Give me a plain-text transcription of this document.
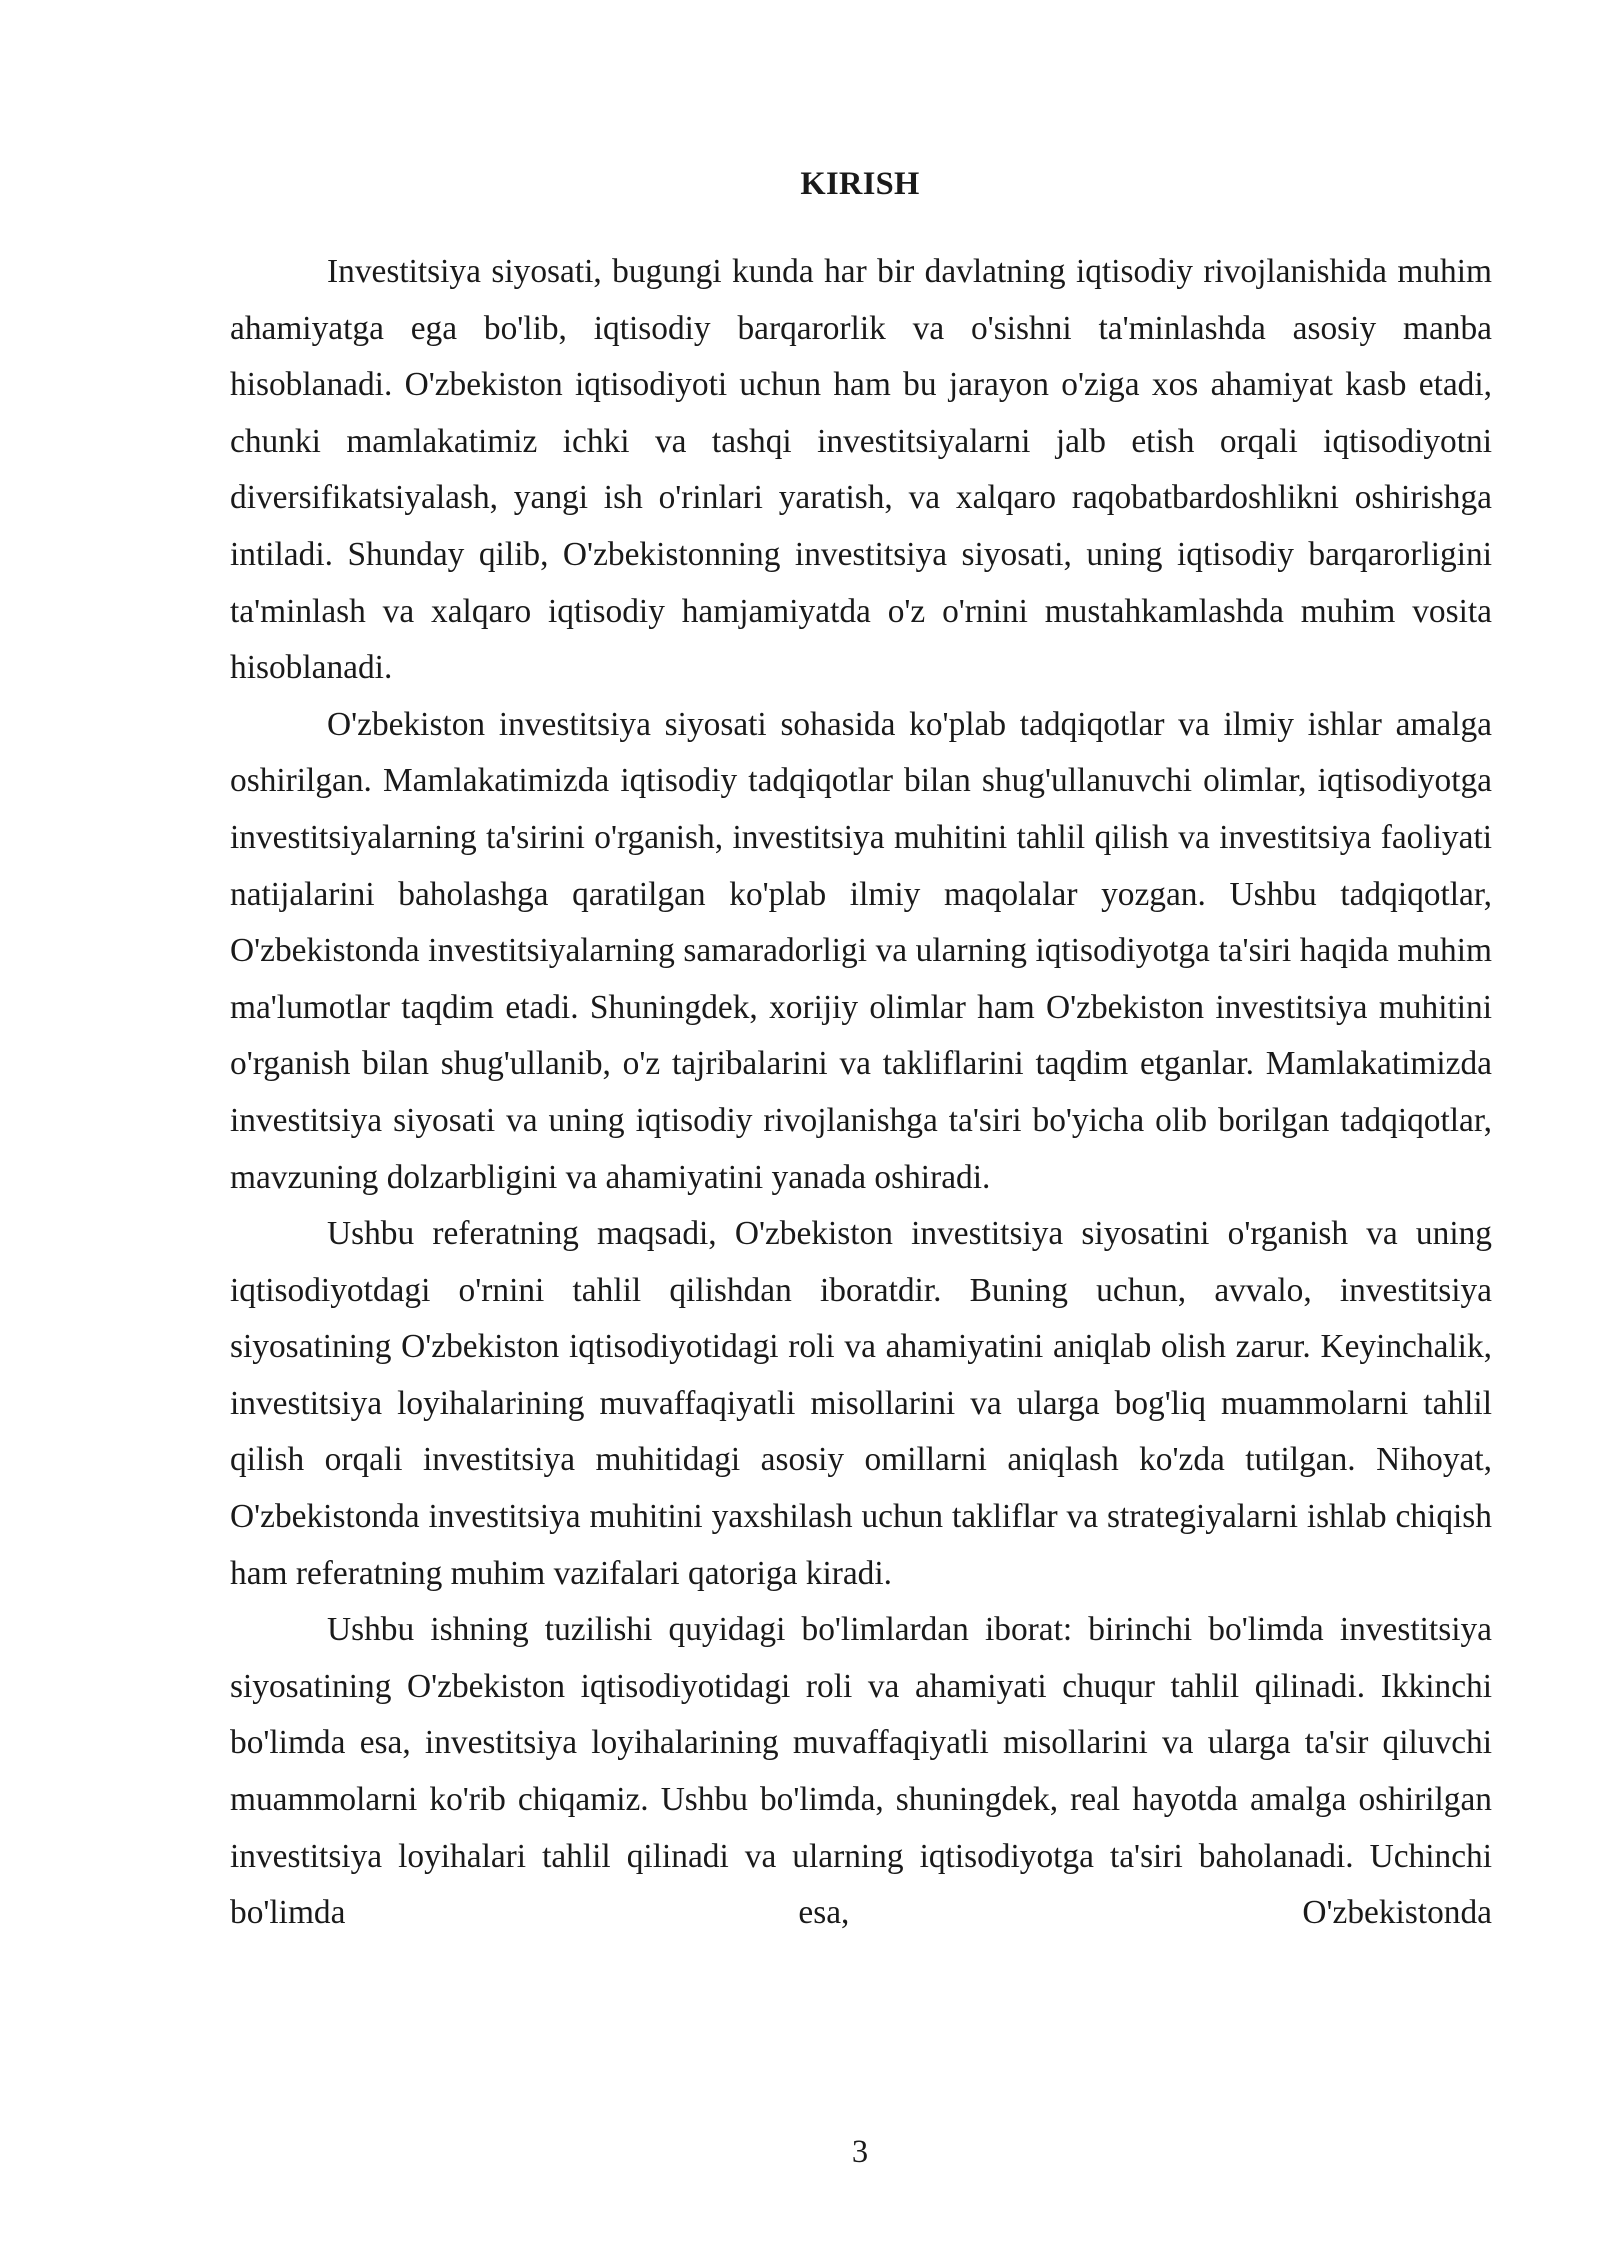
KIRISH

Investitsiya siyosati, bugungi kunda har bir davlatning iqtisodiy rivojlanishida muhim ahamiyatga ega bo'lib, iqtisodiy barqarorlik va o'sishni ta'minlashda asosiy manba hisoblanadi. O'zbekiston iqtisodiyoti uchun ham bu jarayon o'ziga xos ahamiyat kasb etadi, chunki mamlakatimiz ichki va tashqi investitsiyalarni jalb etish orqali iqtisodiyotni diversifikatsiyalash, yangi ish o'rinlari yaratish, va xalqaro raqobatbardoshlikni oshirishga intiladi. Shunday qilib, O'zbekistonning investitsiya siyosati, uning iqtisodiy barqarorligini ta'minlash va xalqaro iqtisodiy hamjamiyatda o'z o'rnini mustahkamlashda muhim vosita hisoblanadi.

O'zbekiston investitsiya siyosati sohasida ko'plab tadqiqotlar va ilmiy ishlar amalga oshirilgan. Mamlakatimizda iqtisodiy tadqiqotlar bilan shug'ullanuvchi olimlar, iqtisodiyotga investitsiyalarning ta'sirini o'rganish, investitsiya muhitini tahlil qilish va investitsiya faoliyati natijalarini baholashga qaratilgan ko'plab ilmiy maqolalar yozgan. Ushbu tadqiqotlar, O'zbekistonda investitsiyalarning samaradorligi va ularning iqtisodiyotga ta'siri haqida muhim ma'lumotlar taqdim etadi. Shuningdek, xorijiy olimlar ham O'zbekiston investitsiya muhitini o'rganish bilan shug'ullanib, o'z tajribalarini va takliflarini taqdim etganlar. Mamlakatimizda investitsiya siyosati va uning iqtisodiy rivojlanishga ta'siri bo'yicha olib borilgan tadqiqotlar, mavzuning dolzarbligini va ahamiyatini yanada oshiradi.

Ushbu referatning maqsadi, O'zbekiston investitsiya siyosatini o'rganish va uning iqtisodiyotdagi o'rnini tahlil qilishdan iboratdir. Buning uchun, avvalo, investitsiya siyosatining O'zbekiston iqtisodiyotidagi roli va ahamiyatini aniqlab olish zarur. Keyinchalik, investitsiya loyihalarining muvaffaqiyatli misollarini va ularga bog'liq muammolarni tahlil qilish orqali investitsiya muhitidagi asosiy omillarni aniqlash ko'zda tutilgan. Nihoyat, O'zbekistonda investitsiya muhitini yaxshilash uchun takliflar va strategiyalarni ishlab chiqish ham referatning muhim vazifalari qatoriga kiradi.

Ushbu ishning tuzilishi quyidagi bo'limlardan iborat: birinchi bo'limda investitsiya siyosatining O'zbekiston iqtisodiyotidagi roli va ahamiyati chuqur tahlil qilinadi. Ikkinchi bo'limda esa, investitsiya loyihalarining muvaffaqiyatli misollarini va ularga ta'sir qiluvchi muammolarni ko'rib chiqamiz. Ushbu bo'limda, shuningdek, real hayotda amalga oshirilgan investitsiya loyihalari tahlil qilinadi va ularning iqtisodiyotga ta'siri baholanadi. Uchinchi bo'limda esa, O'zbekistonda

3
